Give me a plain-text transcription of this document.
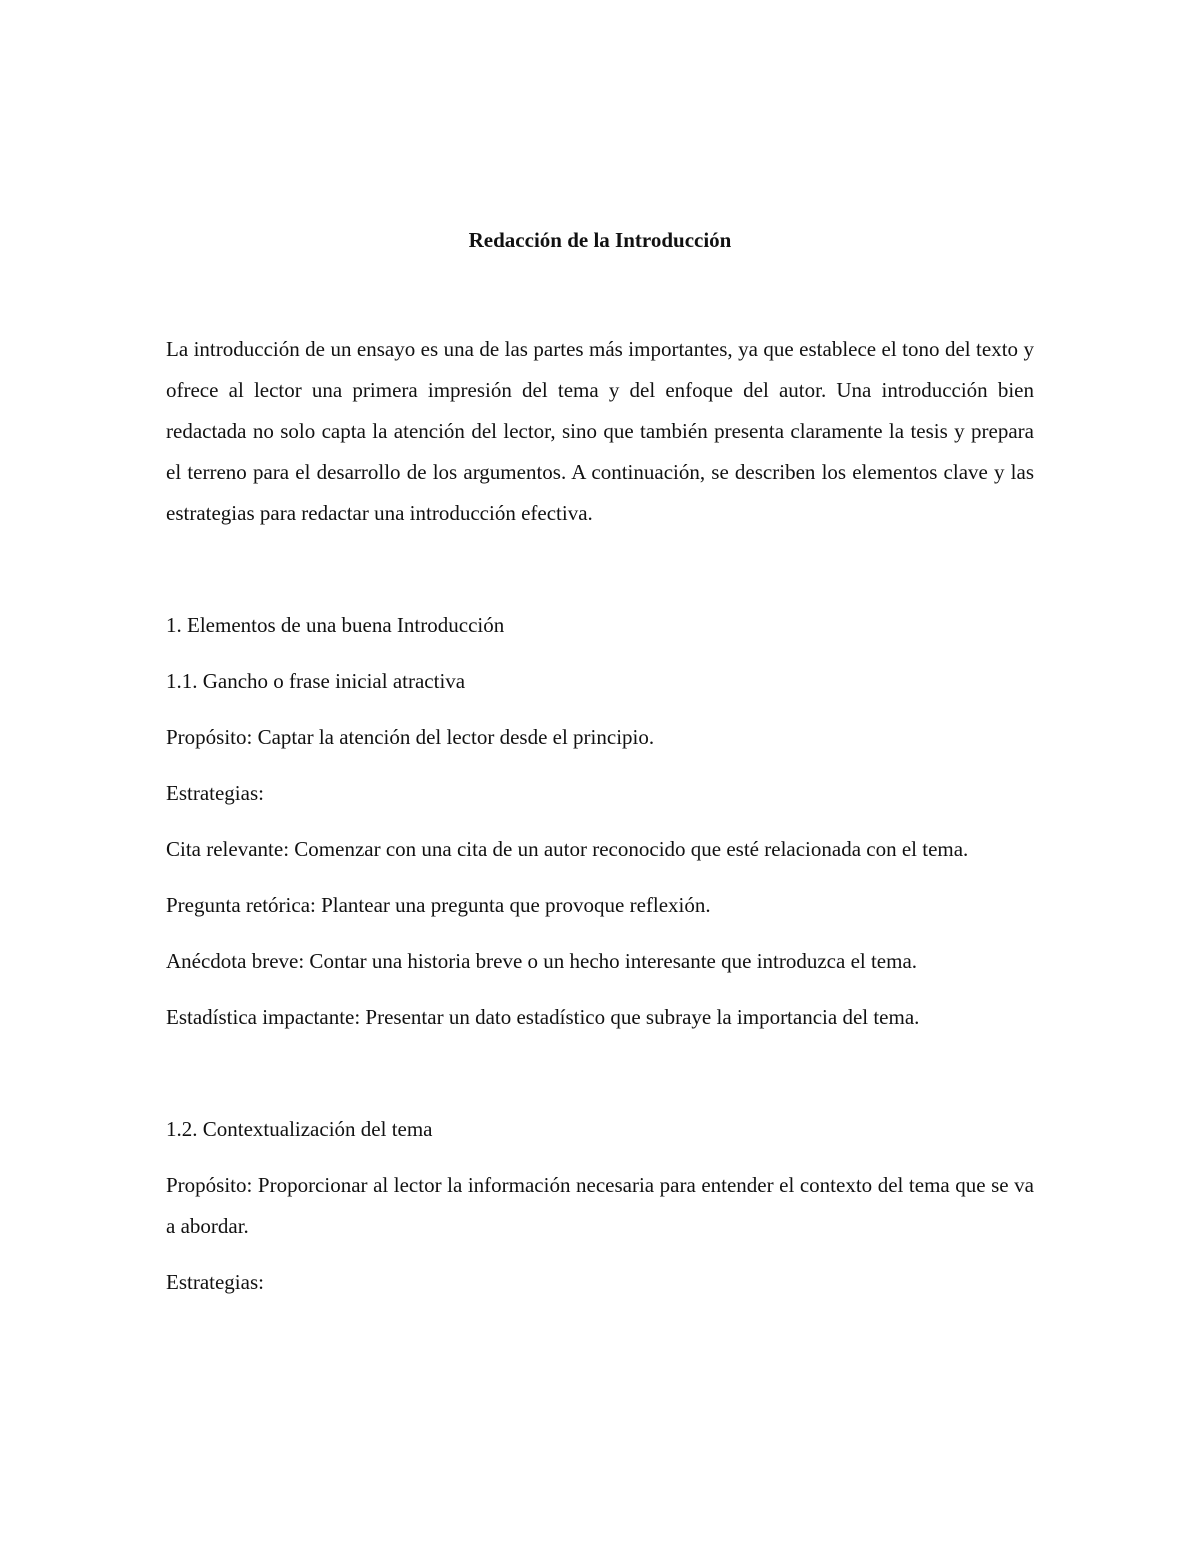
Redacción de la Introducción

La introducción de un ensayo es una de las partes más importantes, ya que establece el tono del texto y ofrece al lector una primera impresión del tema y del enfoque del autor. Una introducción bien redactada no solo capta la atención del lector, sino que también presenta claramente la tesis y prepara el terreno para el desarrollo de los argumentos. A continuación, se describen los elementos clave y las estrategias para redactar una introducción efectiva.

1. Elementos de una buena Introducción

1.1. Gancho o frase inicial atractiva

Propósito: Captar la atención del lector desde el principio.

Estrategias:

Cita relevante: Comenzar con una cita de un autor reconocido que esté relacionada con el tema.

Pregunta retórica: Plantear una pregunta que provoque reflexión.

Anécdota breve: Contar una historia breve o un hecho interesante que introduzca el tema.

Estadística impactante: Presentar un dato estadístico que subraye la importancia del tema.

1.2. Contextualización del tema

Propósito: Proporcionar al lector la información necesaria para entender el contexto del tema que se va a abordar.

Estrategias:
